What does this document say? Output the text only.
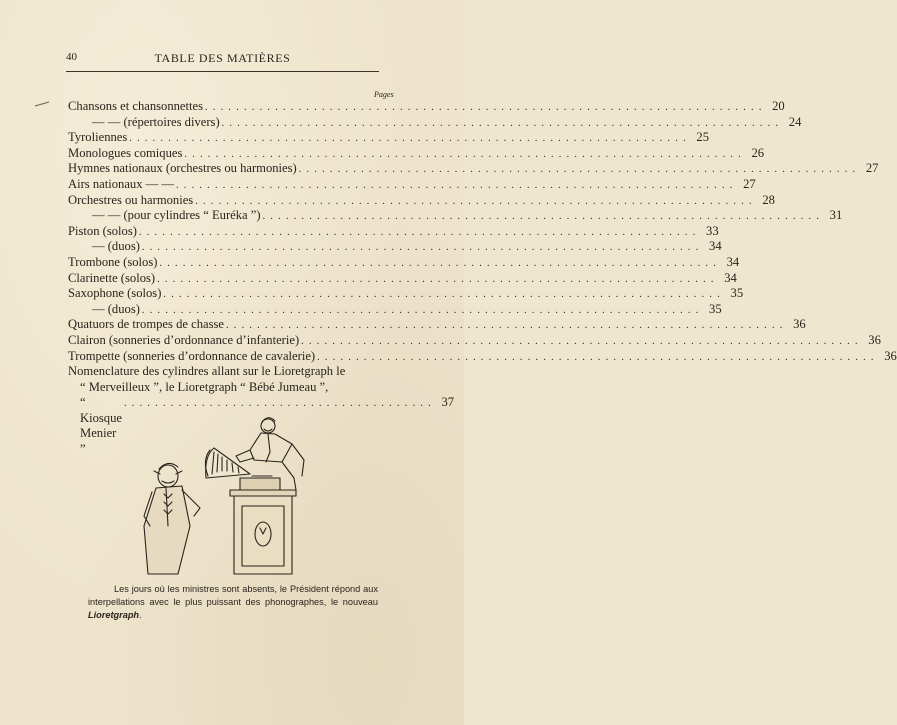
40	TABLE DES MATIÈRES
Pages
Chansons et chansonnettes . . .	20
— — (répertoires divers) . . .	24
Tyroliennes . . .	25
Monologues comiques . . .	26
Hymnes nationaux (orchestres ou harmonies) . . .	27
Airs nationaux — — . . .	27
Orchestres ou harmonies . . .	28
— — (pour cylindres “ Euréka ”) . . .	31
Piston (solos) . . .	33
— (duos) . . .	34
Trombone (solos) . . .	34
Clarinette (solos) . . .	34
Saxophone (solos) . . .	35
— (duos) . . .	35
Quatuors de trompes de chasse . . .	36
Clairon (sonneries d’ordonnance d’infanterie) . . .	36
Trompette (sonneries d’ordonnance de cavalerie) . . .	36
Nomenclature des cylindres allant sur le Lioretgraph le
“ Merveilleux ”, le Lioretgraph “ Bébé Jumeau ”,
“ Kiosque Menier ”
. . . . . . . . . . . . . . . . . . . . . . . . . . . . . . . . . . . . . . . . 37
Les jours où les ministres sont absents, le Président répond aux interpellations avec le plus puissant des phonographes, le nouveau Lioretgraph.
